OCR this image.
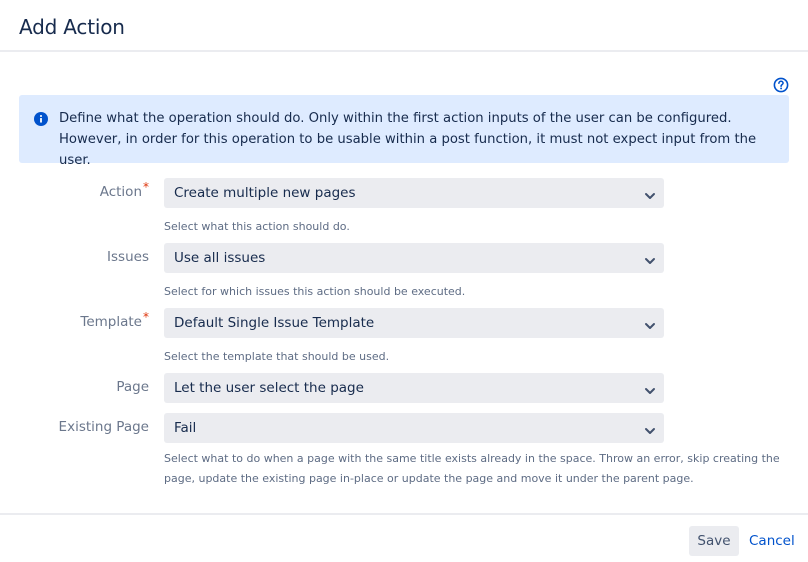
Add Action
Define what the operation should do. Only within the first action inputs of the user can be configured. However, in order for this operation to be usable within a post function, it must not expect input from the user.
Action* Create multiple new pages
Select what this action should do.
Issues Use all issues
Select for which issues this action should be executed.
Template* Default Single Issue Template
Select the template that should be used.
Page Let the user select the page
Existing Page Fail
Select what to do when a page with the same title exists already in the space. Throw an error, skip creating the page, update the existing page in-place or update the page and move it under the parent page.
Save	Cancel
